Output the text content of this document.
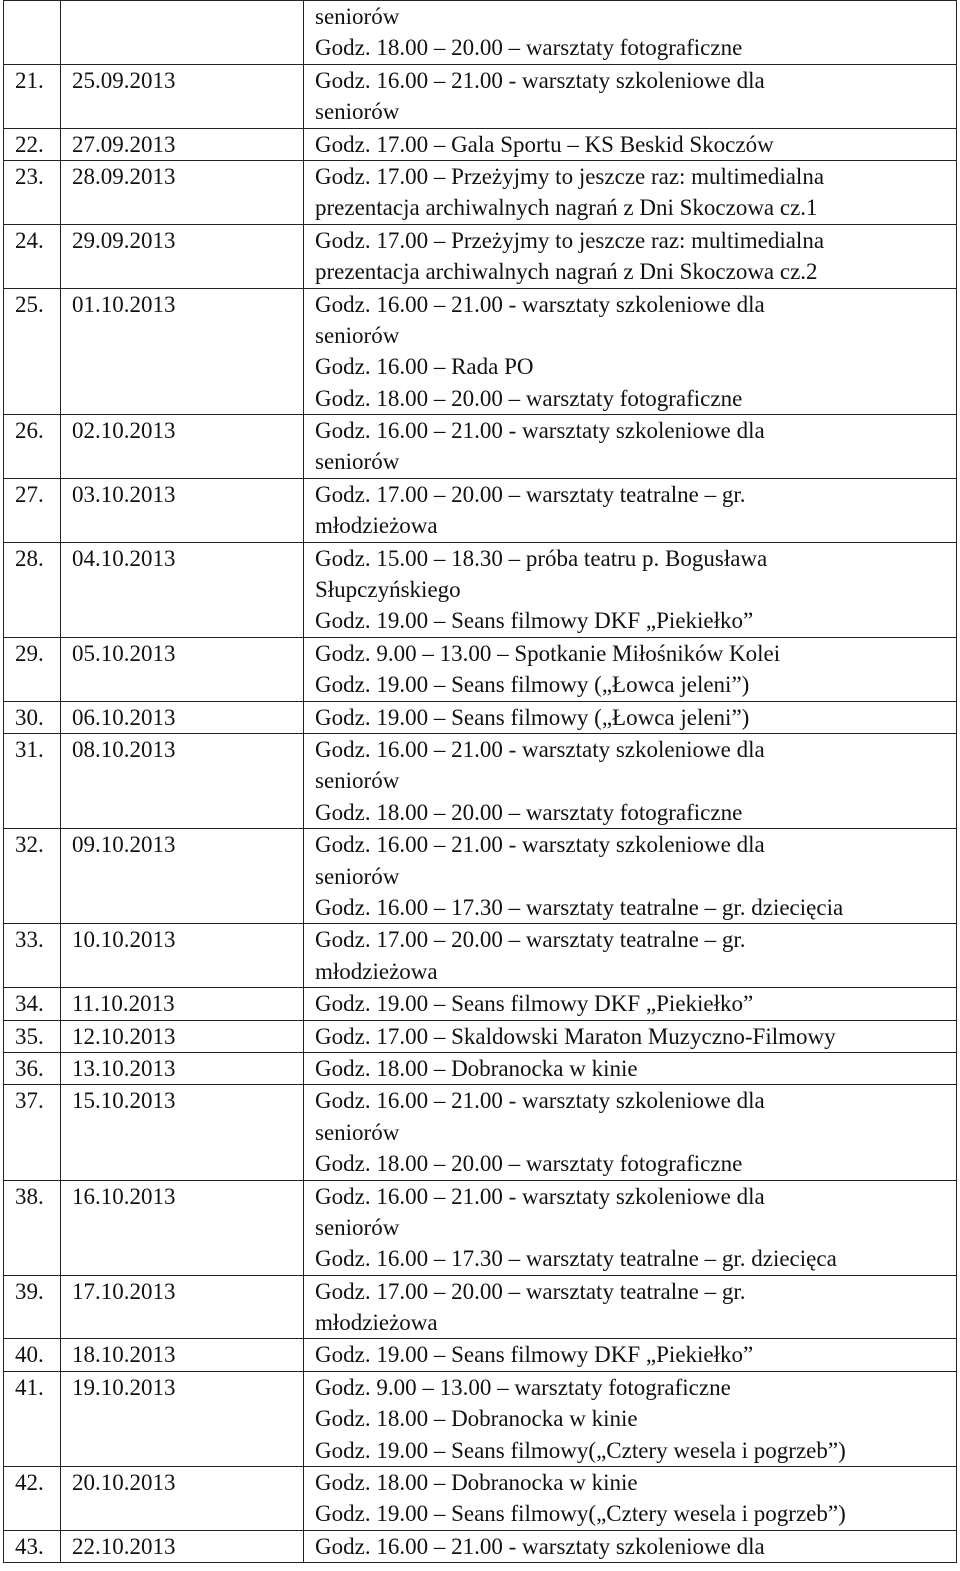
		seniorów
Godz. 18.00 – 20.00 – warsztaty fotograficzne

21.	25.09.2013	Godz. 16.00 – 21.00 - warsztaty szkoleniowe dla
seniorów

22.	27.09.2013	Godz. 17.00 – Gala Sportu – KS Beskid Skoczów

23.	28.09.2013	Godz. 17.00 – Przeżyjmy to jeszcze raz: multimedialna
prezentacja archiwalnych nagrań z Dni Skoczowa cz.1

24.	29.09.2013	Godz. 17.00 – Przeżyjmy to jeszcze raz: multimedialna
prezentacja archiwalnych nagrań z Dni Skoczowa cz.2

25.	01.10.2013	Godz. 16.00 – 21.00 - warsztaty szkoleniowe dla
seniorów
Godz. 16.00 – Rada PO
Godz. 18.00 – 20.00 – warsztaty fotograficzne

26.	02.10.2013	Godz. 16.00 – 21.00 - warsztaty szkoleniowe dla
seniorów

27.	03.10.2013	Godz. 17.00 – 20.00 – warsztaty teatralne – gr.
młodzieżowa

28.	04.10.2013	Godz. 15.00 – 18.30 – próba teatru p. Bogusława
Słupczyńskiego
Godz. 19.00 – Seans filmowy DKF „Piekiełko”

29.	05.10.2013	Godz. 9.00 – 13.00 – Spotkanie Miłośników Kolei
Godz. 19.00 – Seans filmowy („Łowca jeleni”)

30.	06.10.2013	Godz. 19.00 – Seans filmowy („Łowca jeleni”)

31.	08.10.2013	Godz. 16.00 – 21.00 - warsztaty szkoleniowe dla
seniorów
Godz. 18.00 – 20.00 – warsztaty fotograficzne

32.	09.10.2013	Godz. 16.00 – 21.00 - warsztaty szkoleniowe dla
seniorów
Godz. 16.00 – 17.30 – warsztaty teatralne – gr. dziecięcia

33.	10.10.2013	Godz. 17.00 – 20.00 – warsztaty teatralne – gr.
młodzieżowa

34.	11.10.2013	Godz. 19.00 – Seans filmowy DKF „Piekiełko”

35.	12.10.2013	Godz. 17.00 – Skaldowski Maraton Muzyczno-Filmowy

36.	13.10.2013	Godz. 18.00 – Dobranocka w kinie

37.	15.10.2013	Godz. 16.00 – 21.00 - warsztaty szkoleniowe dla
seniorów
Godz. 18.00 – 20.00 – warsztaty fotograficzne

38.	16.10.2013	Godz. 16.00 – 21.00 - warsztaty szkoleniowe dla
seniorów
Godz. 16.00 – 17.30 – warsztaty teatralne – gr. dziecięca

39.	17.10.2013	Godz. 17.00 – 20.00 – warsztaty teatralne – gr.
młodzieżowa

40.	18.10.2013	Godz. 19.00 – Seans filmowy DKF „Piekiełko”

41.	19.10.2013	Godz. 9.00 – 13.00 – warsztaty fotograficzne
Godz. 18.00 – Dobranocka w kinie
Godz. 19.00 – Seans filmowy(„Cztery wesela i pogrzeb”)

42.	20.10.2013	Godz. 18.00 – Dobranocka w kinie
Godz. 19.00 – Seans filmowy(„Cztery wesela i pogrzeb”)

43.	22.10.2013	Godz. 16.00 – 21.00 - warsztaty szkoleniowe dla
